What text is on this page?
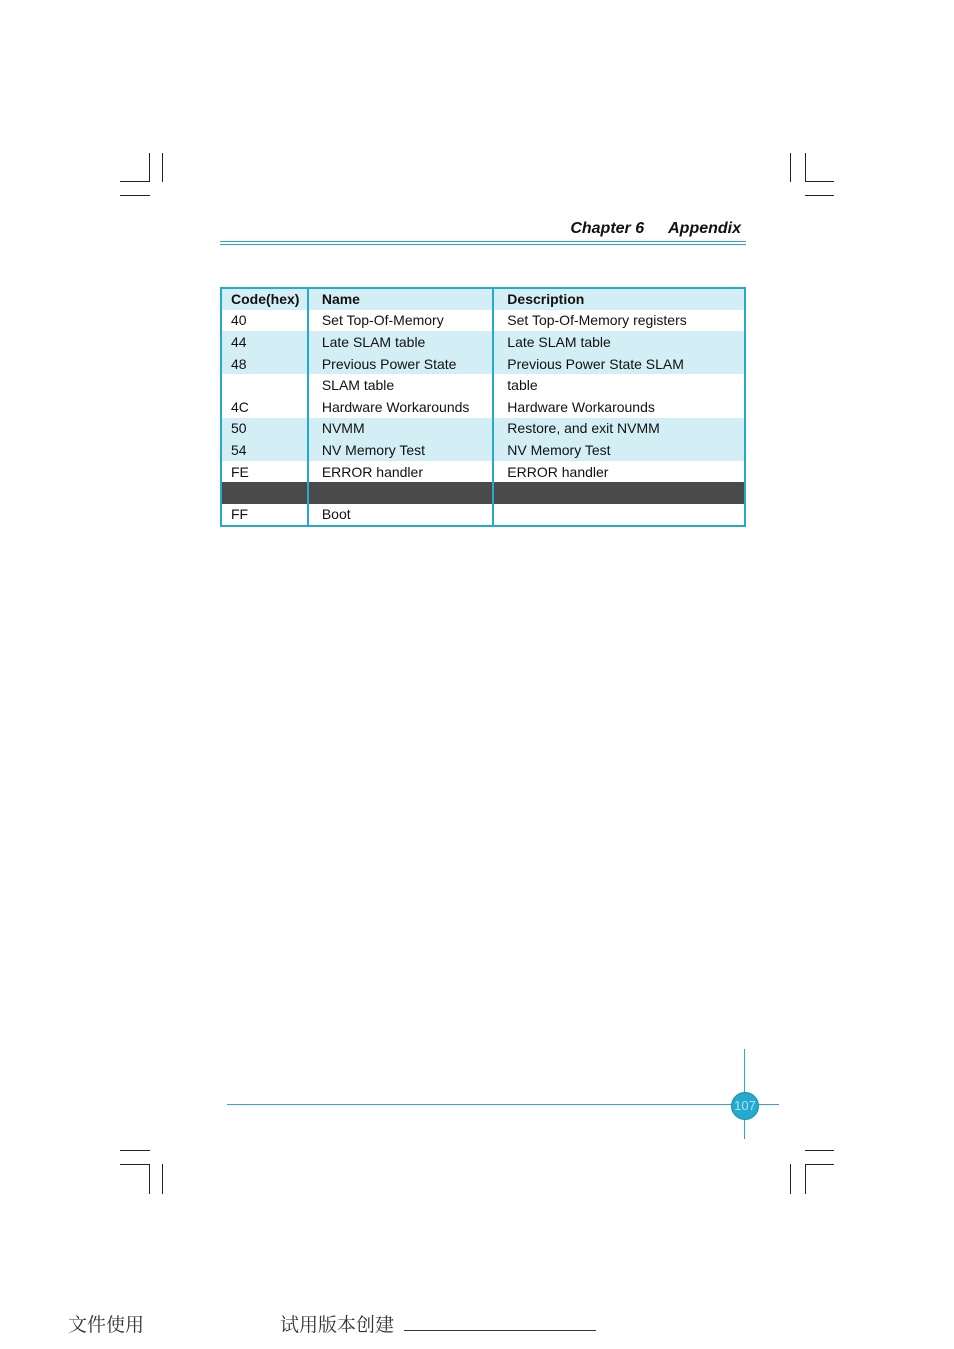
Chapter 6 Appendix
Code(hex)	Name	Description
40	Set Top-Of-Memory	Set Top-Of-Memory registers
44	Late SLAM table	Late SLAM table
48	Previous Power State	Previous Power State SLAM
	SLAM table	table
4C	Hardware Workarounds	Hardware Workarounds
50	NVMM	Restore, and exit NVMM
54	NV Memory Test	NV Memory Test
FE	ERROR handler	ERROR handler

FF	Boot	
107
文件使用	试用版本创建
